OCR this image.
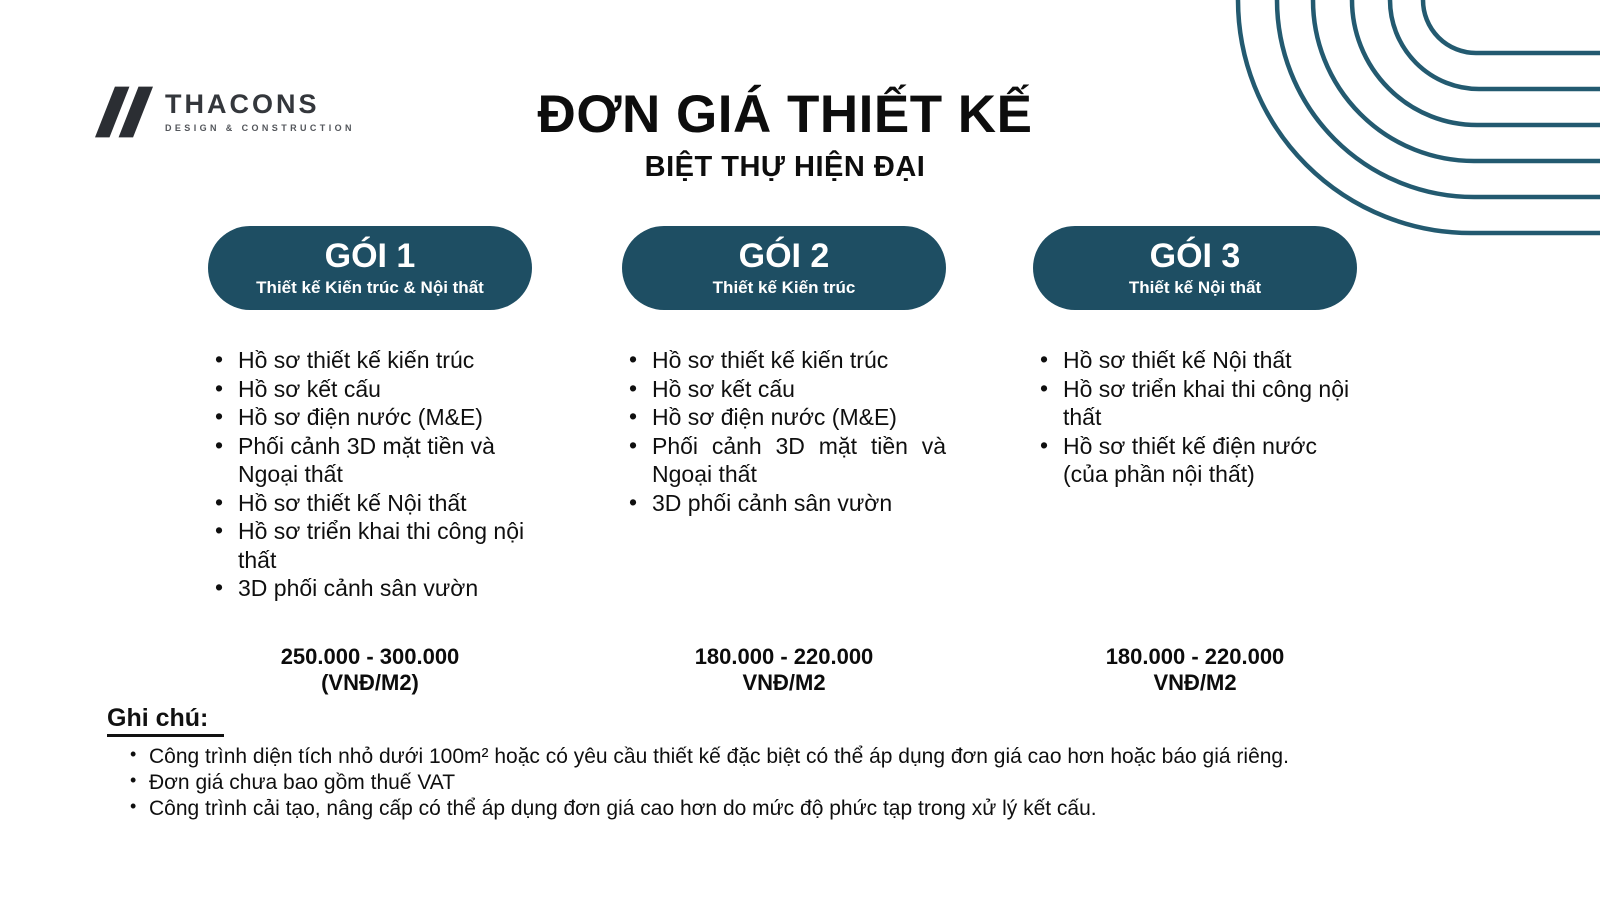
THACONS
DESIGN & CONSTRUCTION	ĐƠN GIÁ THIẾT KẾ
BIỆT THỰ HIỆN ĐẠI
GÓI 1
Thiết kế Kiến trúc & Nội thất
• Hồ sơ thiết kế kiến trúc
• Hồ sơ kết cấu
• Hồ sơ điện nước (M&E)
• Phối cảnh 3D mặt tiền và Ngoại thất
• Hồ sơ thiết kế Nội thất
• Hồ sơ triển khai thi công nội thất
• 3D phối cảnh sân vườn
250.000 - 300.000
(VNĐ/M2)
GÓI 2
Thiết kế Kiến trúc
• Hồ sơ thiết kế kiến trúc
• Hồ sơ kết cấu
• Hồ sơ điện nước (M&E)
• Phối cảnh 3D mặt tiền và Ngoại thất
• 3D phối cảnh sân vườn
180.000 - 220.000
VNĐ/M2
GÓI 3
Thiết kế Nội thất
• Hồ sơ thiết kế Nội thất
• Hồ sơ triển khai thi công nội thất
• Hồ sơ thiết kế điện nước (của phần nội thất)
180.000 - 220.000
VNĐ/M2
Ghi chú:
• Công trình diện tích nhỏ dưới 100m² hoặc có yêu cầu thiết kế đặc biệt có thể áp dụng đơn giá cao hơn hoặc báo giá riêng.
• Đơn giá chưa bao gồm thuế VAT
• Công trình cải tạo, nâng cấp có thể áp dụng đơn giá cao hơn do mức độ phức tạp trong xử lý kết cấu.
